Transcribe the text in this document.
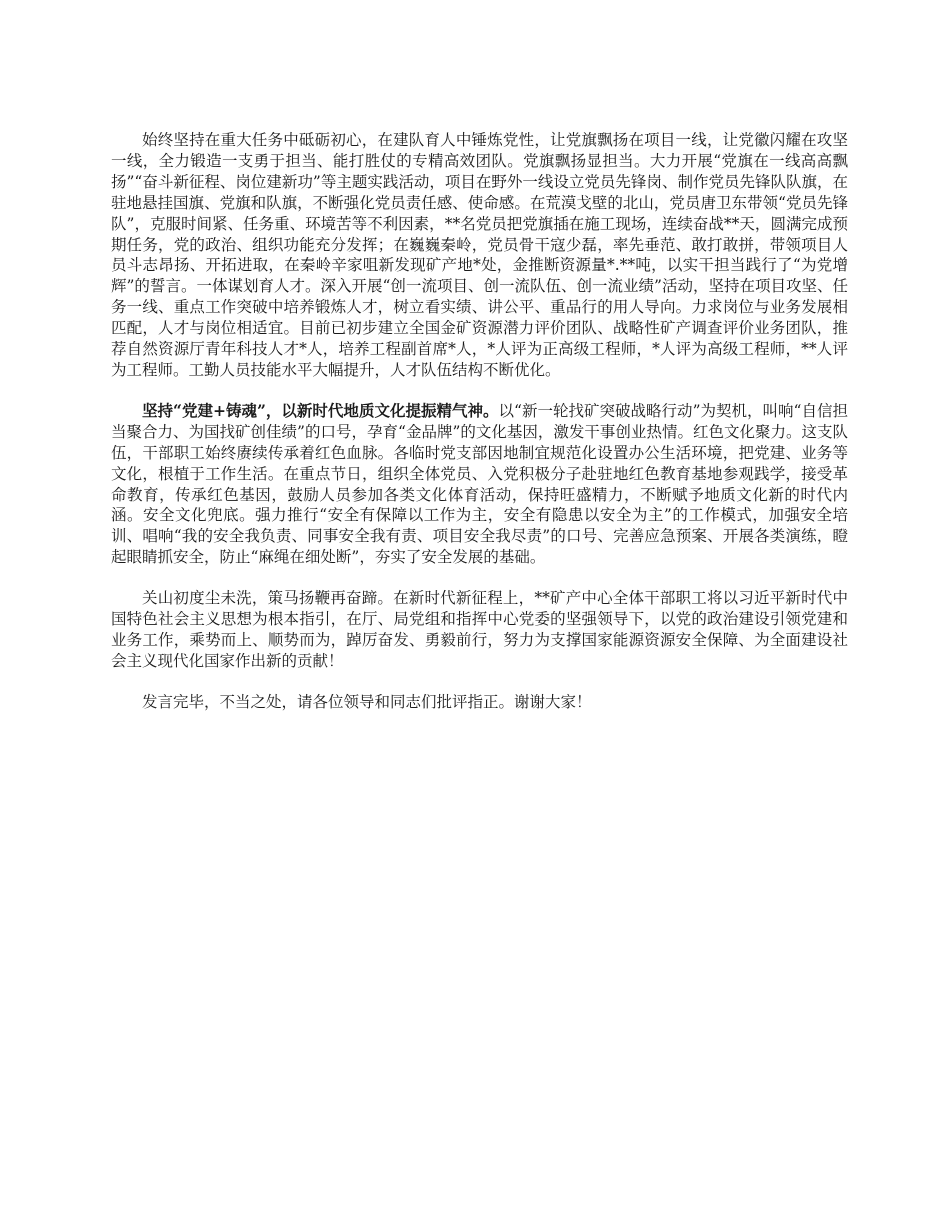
始终坚持在重大任务中砥砺初心，在建队育人中锤炼党性，让党旗飘扬在项目一线，让党徽闪耀在攻坚一线，全力锻造一支勇于担当、能打胜仗的专精高效团队。党旗飘扬显担当。大力开展“党旗在一线高高飘扬”“奋斗新征程、岗位建新功”等主题实践活动，项目在野外一线设立党员先锋岗、制作党员先锋队队旗，在驻地悬挂国旗、党旗和队旗，不断强化党员责任感、使命感。在荒漠戈壁的北山，党员唐卫东带领“党员先锋队”，克服时间紧、任务重、环境苦等不利因素，**名党员把党旗插在施工现场，连续奋战**天，圆满完成预期任务，党的政治、组织功能充分发挥；在巍巍秦岭，党员骨干寇少磊，率先垂范、敢打敢拼，带领项目人员斗志昂扬、开拓进取，在秦岭辛家咀新发现矿产地*处，金推断资源量*.**吨，以实干担当践行了“为党增辉”的誓言。一体谋划育人才。深入开展“创一流项目、创一流队伍、创一流业绩”活动，坚持在项目攻坚、任务一线、重点工作突破中培养锻炼人才，树立看实绩、讲公平、重品行的用人导向。力求岗位与业务发展相匹配，人才与岗位相适宜。目前已初步建立全国金矿资源潜力评价团队、战略性矿产调查评价业务团队，推荐自然资源厅青年科技人才*人，培养工程副首席*人，*人评为正高级工程师，*人评为高级工程师，**人评为工程师。工勤人员技能水平大幅提升，人才队伍结构不断优化。

坚持“党建+铸魂”，以新时代地质文化提振精气神。以“新一轮找矿突破战略行动”为契机，叫响“自信担当聚合力、为国找矿创佳绩”的口号，孕育“金品牌”的文化基因，激发干事创业热情。红色文化聚力。这支队伍，干部职工始终赓续传承着红色血脉。各临时党支部因地制宜规范化设置办公生活环境，把党建、业务等文化，根植于工作生活。在重点节日，组织全体党员、入党积极分子赴驻地红色教育基地参观践学，接受革命教育，传承红色基因，鼓励人员参加各类文化体育活动，保持旺盛精力，不断赋予地质文化新的时代内涵。安全文化兜底。强力推行“安全有保障以工作为主，安全有隐患以安全为主”的工作模式，加强安全培训、唱响“我的安全我负责、同事安全我有责、项目安全我尽责”的口号、完善应急预案、开展各类演练，瞪起眼睛抓安全，防止“麻绳在细处断”，夯实了安全发展的基础。

关山初度尘未洗，策马扬鞭再奋蹄。在新时代新征程上，**矿产中心全体干部职工将以习近平新时代中国特色社会主义思想为根本指引，在厅、局党组和指挥中心党委的坚强领导下，以党的政治建设引领党建和业务工作，乘势而上、顺势而为，踔厉奋发、勇毅前行，努力为支撑国家能源资源安全保障、为全面建设社会主义现代化国家作出新的贡献！

发言完毕，不当之处，请各位领导和同志们批评指正。谢谢大家！
